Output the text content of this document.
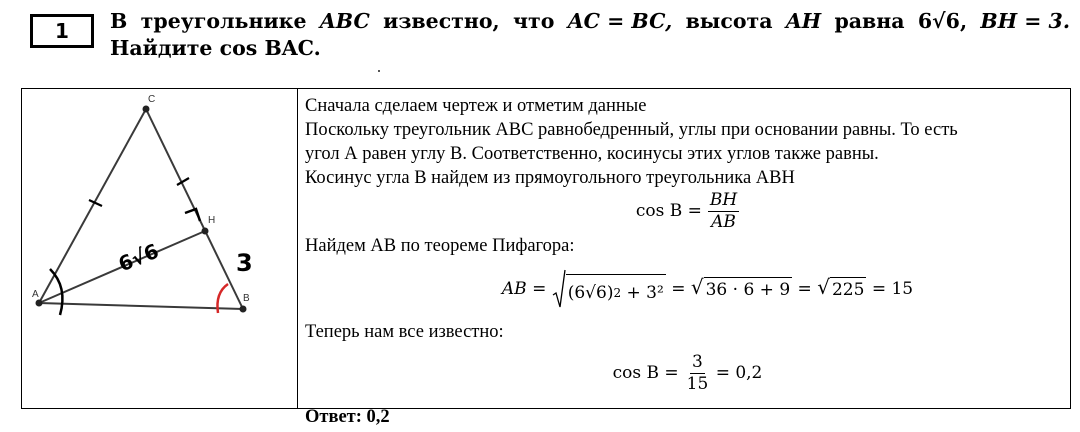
1 В треугольнике ABC известно, что AC = BC, высота AH равна 6√6, BH = 3.
Найдите cos BAC.
C
H
A	B
6√6	3

Сначала сделаем чертеж и отметим данные

Поскольку треугольник ABC равнобедренный, углы при основании равны. То есть

угол А равен углу В. Соответственно, косинусы этих углов также равны.

Косинус угла B найдем из прямоугольного треугольника ABH

$\cos B = \frac{BH}{AB}$

Найдем AB по теореме Пифагора:

AB =
(6√6) 2
+ 3²
=
√ 36 · 6 + 9
=
√ 225
= 15

Теперь нам все известно:

$\cos B = \frac{3}{15}$
= 0,2

Ответ: 0,2
